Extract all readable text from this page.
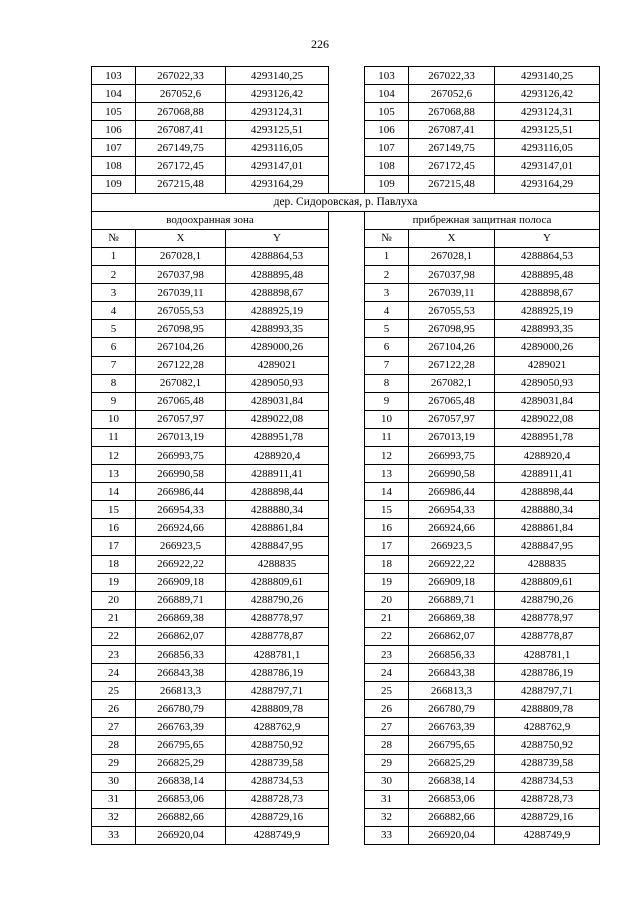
226
103	267022,33	4293140,25		103	267022,33	4293140,25
104	267052,6	4293126,42		104	267052,6	4293126,42
105	267068,88	4293124,31		105	267068,88	4293124,31
106	267087,41	4293125,51		106	267087,41	4293125,51
107	267149,75	4293116,05		107	267149,75	4293116,05
108	267172,45	4293147,01		108	267172,45	4293147,01
109	267215,48	4293164,29		109	267215,48	4293164,29
дер. Сидоровская, р. Павлуха						
водоохранная зона				прибрежная защитная полоса		
№	X	Y		№	X	Y
1	267028,1	4288864,53		1	267028,1	4288864,53
2	267037,98	4288895,48		2	267037,98	4288895,48
3	267039,11	4288898,67		3	267039,11	4288898,67
4	267055,53	4288925,19		4	267055,53	4288925,19
5	267098,95	4288993,35		5	267098,95	4288993,35
6	267104,26	4289000,26		6	267104,26	4289000,26
7	267122,28	4289021		7	267122,28	4289021
8	267082,1	4289050,93		8	267082,1	4289050,93
9	267065,48	4289031,84		9	267065,48	4289031,84
10	267057,97	4289022,08		10	267057,97	4289022,08
11	267013,19	4288951,78		11	267013,19	4288951,78
12	266993,75	4288920,4		12	266993,75	4288920,4
13	266990,58	4288911,41		13	266990,58	4288911,41
14	266986,44	4288898,44		14	266986,44	4288898,44
15	266954,33	4288880,34		15	266954,33	4288880,34
16	266924,66	4288861,84		16	266924,66	4288861,84
17	266923,5	4288847,95		17	266923,5	4288847,95
18	266922,22	4288835		18	266922,22	4288835
19	266909,18	4288809,61		19	266909,18	4288809,61
20	266889,71	4288790,26		20	266889,71	4288790,26
21	266869,38	4288778,97		21	266869,38	4288778,97
22	266862,07	4288778,87		22	266862,07	4288778,87
23	266856,33	4288781,1		23	266856,33	4288781,1
24	266843,38	4288786,19		24	266843,38	4288786,19
25	266813,3	4288797,71		25	266813,3	4288797,71
26	266780,79	4288809,78		26	266780,79	4288809,78
27	266763,39	4288762,9		27	266763,39	4288762,9
28	266795,65	4288750,92		28	266795,65	4288750,92
29	266825,29	4288739,58		29	266825,29	4288739,58
30	266838,14	4288734,53		30	266838,14	4288734,53
31	266853,06	4288728,73		31	266853,06	4288728,73
32	266882,66	4288729,16		32	266882,66	4288729,16
33	266920,04	4288749,9		33	266920,04	4288749,9
